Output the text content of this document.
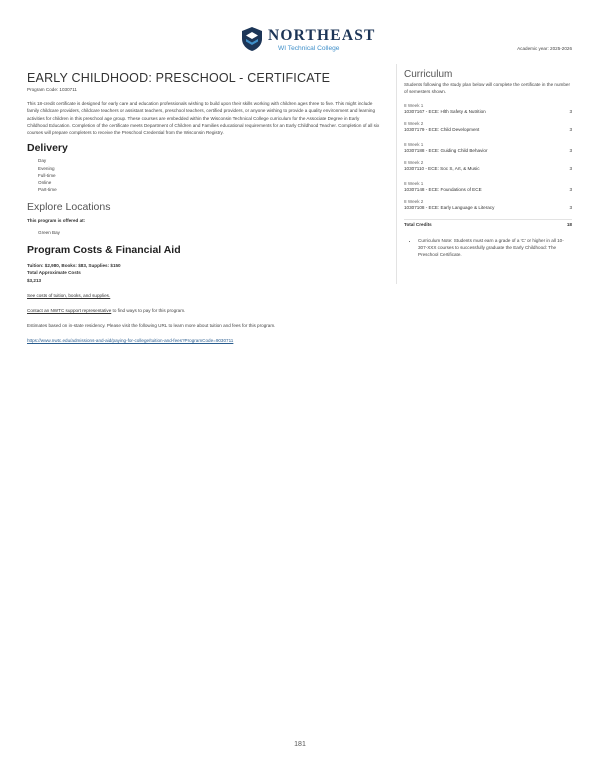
NORTHEAST
WI Technical College	Academic year: 2025-2026
EARLY CHILDHOOD: PRESCHOOL - CERTIFICATE
Program Code: 1030711

This 18-credit certificate is designed for early care and education professionals wishing to build upon their skills working with children ages three to five. This might include family childcare providers, childcare teachers or assistant teachers, preschool teachers, certified providers, or anyone wishing to provide a quality environment and learning activities for children in this preschool age group. These courses are embedded within the Wisconsin Technical College curriculum for the Associate Degree in Early Childhood Education. Completion of the certificate meets Department of Children and Families educational requirements for an Early Childhood Teacher. Completion of all six courses will prepare completers to receive the Preschool Credential from the Wisconsin Registry.

Delivery
Day
Evening
Full-time
Online
Part-time
Explore Locations
This program is offered at:
Green Bay
Program Costs & Financial Aid
Tuition: $2,980, Books: $83, Supplies: $150
Total Approximate Costs
$3,213

See costs of tuition, books, and supplies.

Contact an NWTC support representative to find ways to pay for this program.

Estimates based on in-state residency. Please visit the following URL to learn more about tuition and fees for this program.

https://www.nwtc.edu/admissions-and-aid/paying-for-college/tuition-and-fees?ProgramCode=9030711
Curriculum

Students following the study plan below will complete the certificate in the number of semesters shown.

8 Week 1
10307167 - ECE: Hlth Safety & Nutrition	3
8 Week 2
10307179 - ECE: Child Development	3
8 Week 1
10307188 - ECE: Guiding Child Behavior	3
8 Week 2
10307110 - ECE: Soc S, Art, & Music	3
8 Week 1
10307148 - ECE: Foundations of ECE	3
8 Week 2
10307108 - ECE: Early Language & Literacy	3
Total Credits	18
• Curriculum Note: Students must earn a grade of a 'C' or higher in all 10-307-XXX courses to successfully graduate the Early Childhood: The Preschool Certificate.
181
